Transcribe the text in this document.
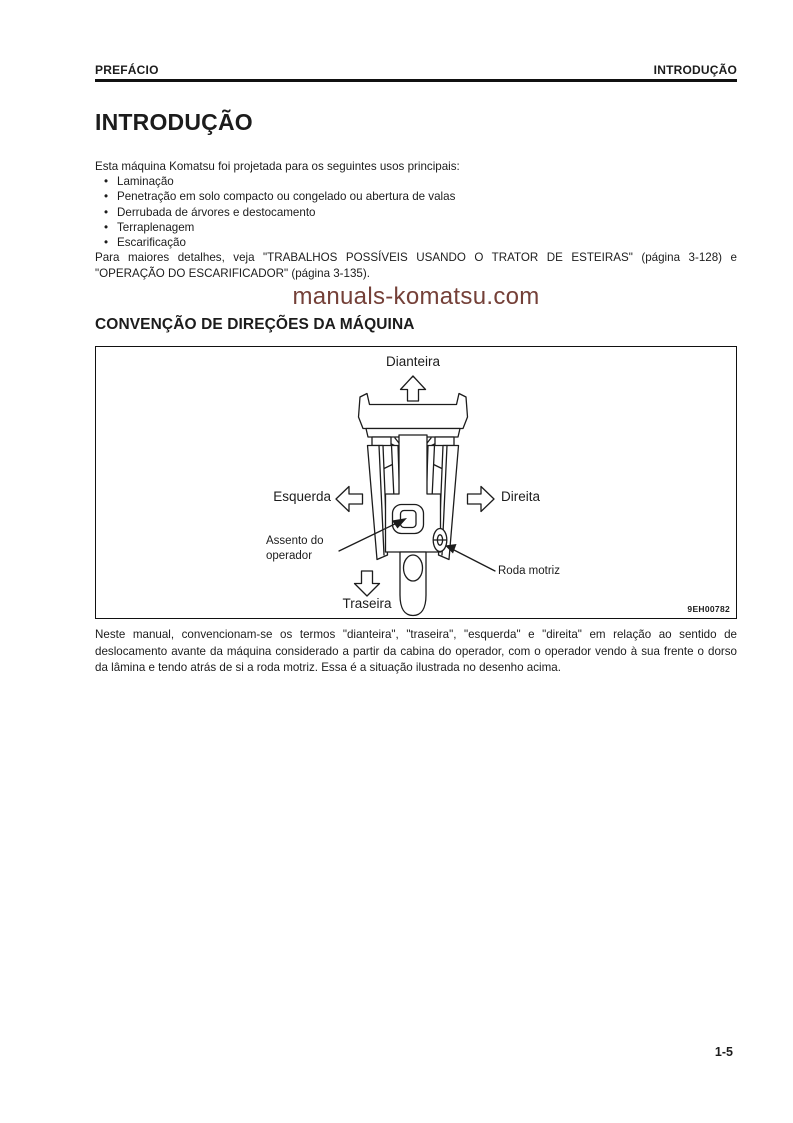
PREFÁCIO	INTRODUÇÃO
INTRODUÇÃO

Esta máquina Komatsu foi projetada para os seguintes usos principais:

• Laminação
• Penetração em solo compacto ou congelado ou abertura de valas
• Derrubada de árvores e destocamento
• Terraplenagem
• Escarificação

Para maiores detalhes, veja "TRABALHOS POSSÍVEIS USANDO O TRATOR DE ESTEIRAS" (página 3-128) e "OPERAÇÃO DO ESCARIFICADOR" (página 3-135).

manuals-komatsu.com
CONVENÇÃO DE DIREÇÕES DA MÁQUINA
Dianteira
Esquerda	Direita
Traseira
Assento do
operador
Roda motriz
9EH00782

Neste manual, convencionam-se os termos "dianteira", "traseira", "esquerda" e "direita" em relação ao sentido de deslocamento avante da máquina considerado a partir da cabina do operador, com o operador vendo à sua frente o dorso da lâmina e tendo atrás de si a roda motriz. Essa é a situação ilustrada no desenho acima.

1-5
